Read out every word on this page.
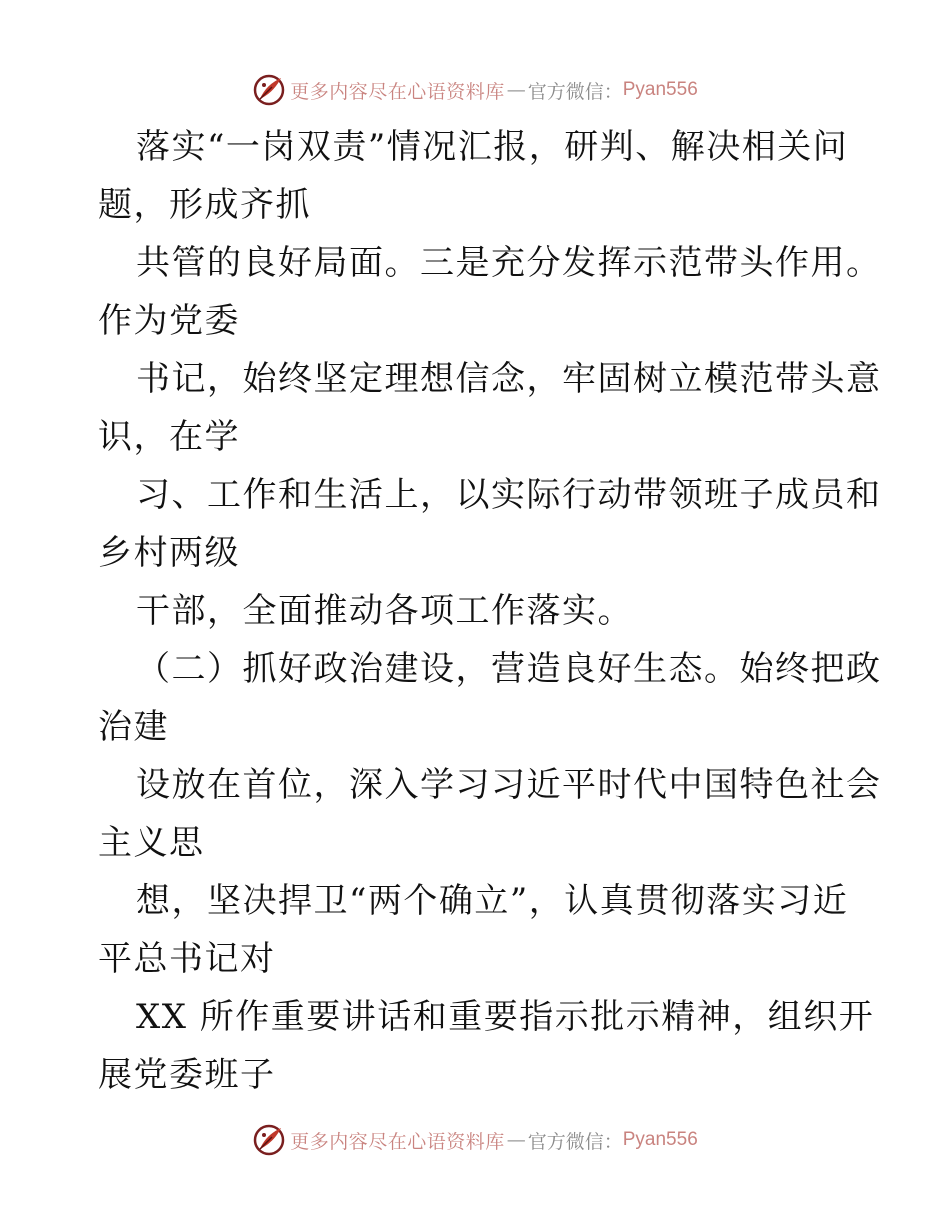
更多内容尽在心语资料库 — 官方微信： Pyan556
落实“一岗双责”情况汇报，研判、解决相关问
题，形成齐抓
共管的良好局面。三是充分发挥示范带头作用。
作为党委
书记，始终坚定理想信念，牢固树立模范带头意
识，在学
习、工作和生活上，以实际行动带领班子成员和
乡村两级
干部，全面推动各项工作落实。
（二）抓好政治建设，营造良好生态。始终把政
治建
设放在首位，深入学习习近平时代中国特色社会
主义思
想，坚决捍卫“两个确立”，认真贯彻落实习近
平总书记对
XX 所作重要讲话和重要指示批示精神，组织开
展党委班子
更多内容尽在心语资料库 — 官方微信： Pyan556
